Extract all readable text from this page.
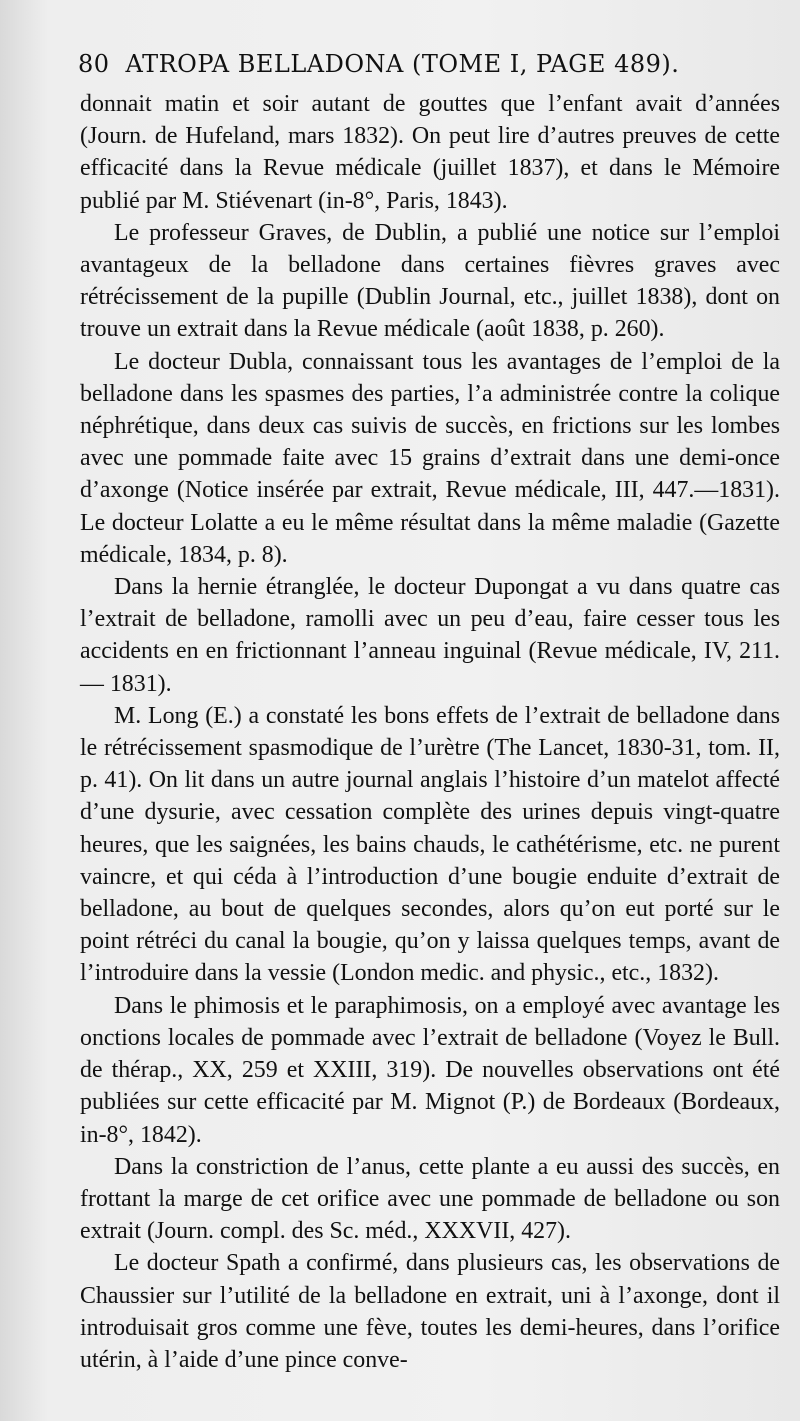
80 ATROPA BELLADONA (TOME I, PAGE 489).

donnait matin et soir autant de gouttes que l’enfant avait d’années (Journ. de Hufeland, mars 1832). On peut lire d’autres preuves de cette efficacité dans la Revue médicale (juillet 1837), et dans le Mémoire publié par M. Stiévenart (in-8°, Paris, 1843).

Le professeur Graves, de Dublin, a publié une notice sur l’emploi avantageux de la belladone dans certaines fièvres graves avec rétrécissement de la pupille (Dublin Journal, etc., juillet 1838), dont on trouve un extrait dans la Revue médicale (août 1838, p. 260).

Le docteur Dubla, connaissant tous les avantages de l’emploi de la belladone dans les spasmes des parties, l’a administrée contre la colique néphrétique, dans deux cas suivis de succès, en frictions sur les lombes avec une pommade faite avec 15 grains d’extrait dans une demi-once d’axonge (Notice insérée par extrait, Revue médicale, III, 447.—1831). Le docteur Lolatte a eu le même résultat dans la même maladie (Gazette médicale, 1834, p. 8).

Dans la hernie étranglée, le docteur Dupongat a vu dans quatre cas l’extrait de belladone, ramolli avec un peu d’eau, faire cesser tous les accidents en en frictionnant l’anneau inguinal (Revue médicale, IV, 211. — 1831).

M. Long (E.) a constaté les bons effets de l’extrait de belladone dans le rétrécissement spasmodique de l’urètre (The Lancet, 1830-31, tom. II, p. 41). On lit dans un autre journal anglais l’histoire d’un matelot affecté d’une dysurie, avec cessation complète des urines depuis vingt-quatre heures, que les saignées, les bains chauds, le cathétérisme, etc. ne purent vaincre, et qui céda à l’introduction d’une bougie enduite d’extrait de belladone, au bout de quelques secondes, alors qu’on eut porté sur le point rétréci du canal la bougie, qu’on y laissa quelques temps, avant de l’introduire dans la vessie (London medic. and physic., etc., 1832).

Dans le phimosis et le paraphimosis, on a employé avec avantage les onctions locales de pommade avec l’extrait de belladone (Voyez le Bull. de thérap., XX, 259 et XXIII, 319). De nouvelles observations ont été publiées sur cette efficacité par M. Mignot (P.) de Bordeaux (Bordeaux, in-8°, 1842).

Dans la constriction de l’anus, cette plante a eu aussi des succès, en frottant la marge de cet orifice avec une pommade de belladone ou son extrait (Journ. compl. des Sc. méd., XXXVII, 427).

Le docteur Spath a confirmé, dans plusieurs cas, les observations de Chaussier sur l’utilité de la belladone en extrait, uni à l’axonge, dont il introduisait gros comme une fève, toutes les demi-heures, dans l’orifice utérin, à l’aide d’une pince conve-
